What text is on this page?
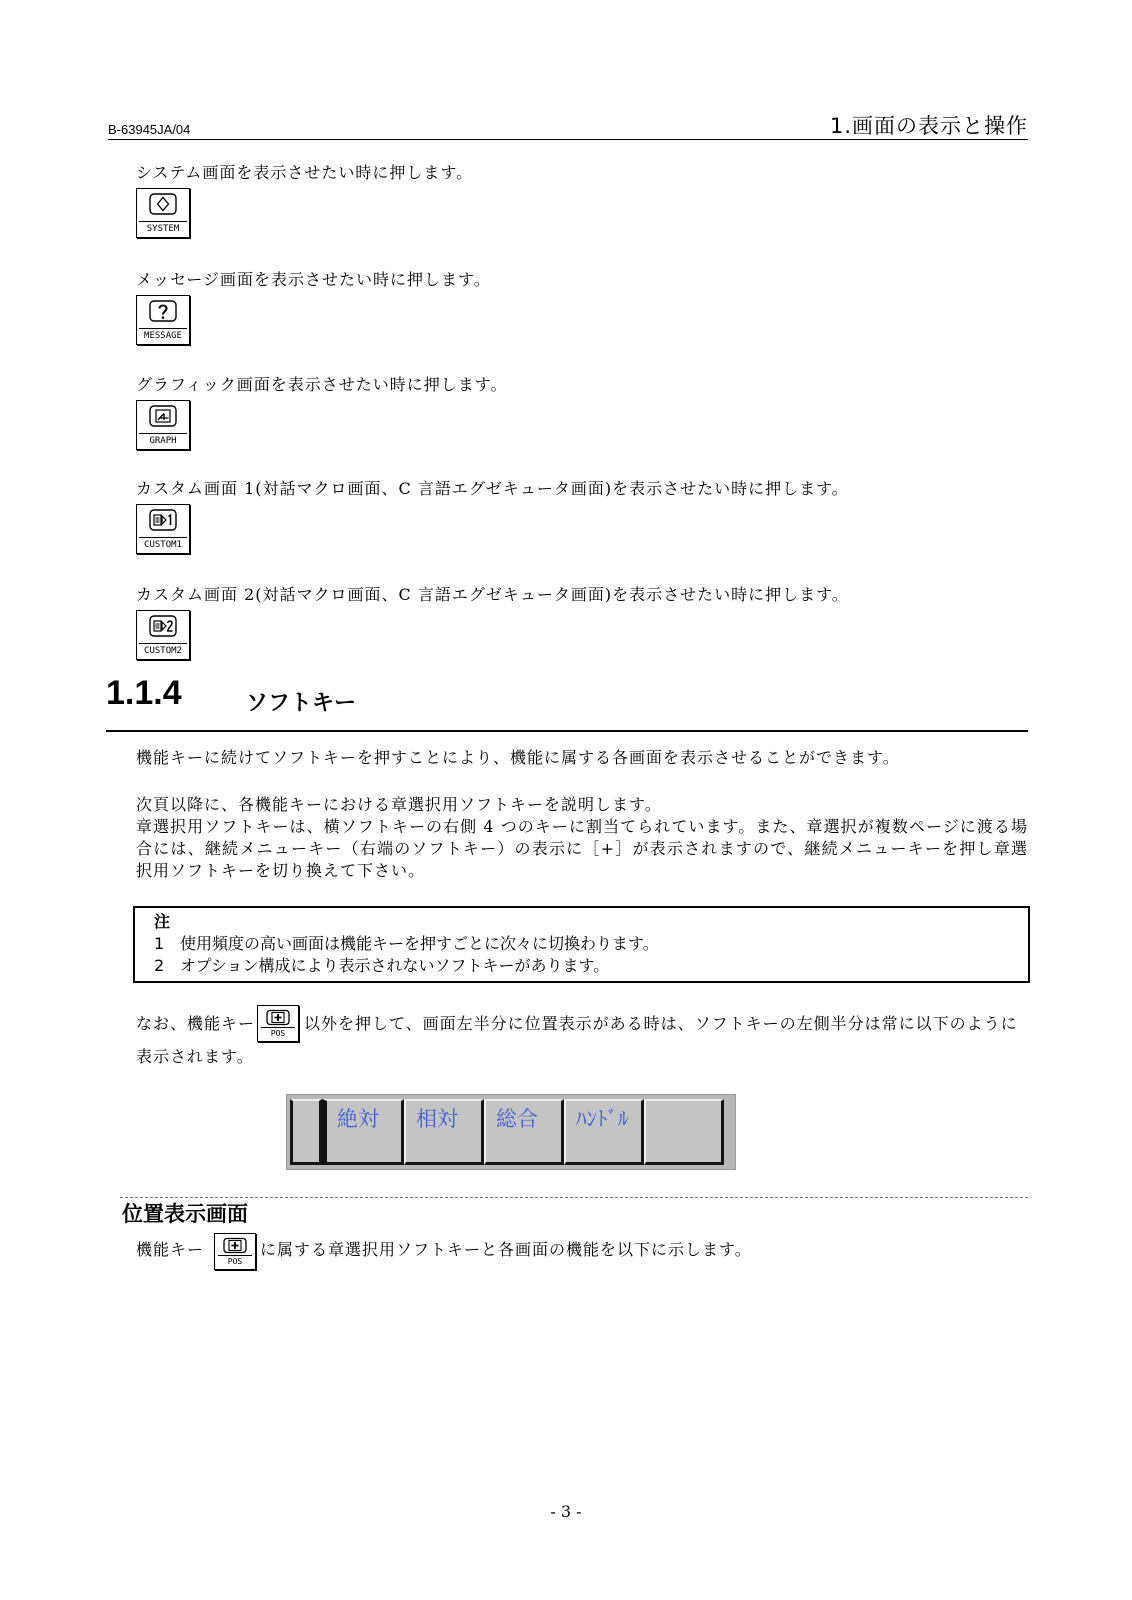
B-63945JA/04	1.画面の表示と操作
システム画面を表示させたい時に押します。
SYSTEM
メッセージ画面を表示させたい時に押します。
MESSAGE
グラフィック画面を表示させたい時に押します。
GRAPH
カスタム画面 1(対話マクロ画面、C 言語エグゼキュータ画面)を表示させたい時に押します。
CUSTOM1
カスタム画面 2(対話マクロ画面、C 言語エグゼキュータ画面)を表示させたい時に押します。
CUSTOM2
1.1.4	ソフトキー
機能キーに続けてソフトキーを押すことにより、機能に属する各画面を表示させることができます。
次頁以降に、各機能キーにおける章選択用ソフトキーを説明します。
章選択用ソフトキーは、横ソフトキーの右側 4 つのキーに割当てられています。また、章選択が複数ページに渡る場
合には、継続メニューキー（右端のソフトキー）の表示に［+］が表示されますので、継続メニューキーを押し章選
択用ソフトキーを切り換えて下さい。
注
1 使用頻度の高い画面は機能キーを押すごとに次々に切換わります。
2 オプション構成により表示されないソフトキーがあります。
なお、機能キー
POS
以外を押して、画面左半分に位置表示がある時は、ソフトキーの左側半分は常に以下のように
表示されます。
絶対	相対	総合	ﾊﾝﾄﾞﾙ
位置表示画面
機能キー
POS
に属する章選択用ソフトキーと各画面の機能を以下に示します。
- 3 -
